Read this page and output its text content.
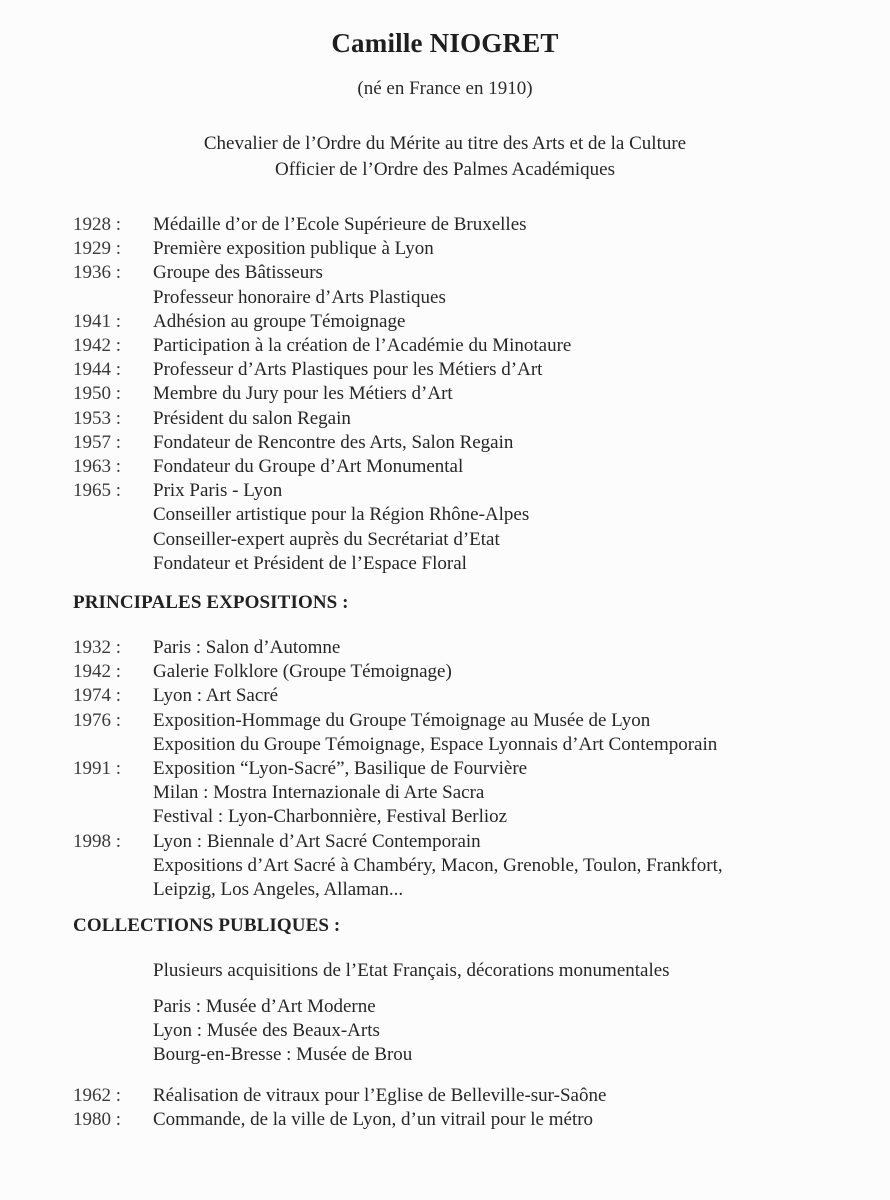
Camille NIOGRET
(né en France en 1910)
Chevalier de l’Ordre du Mérite au titre des Arts et de la Culture
Officier de l’Ordre des Palmes Académiques
1928 :	Médaille d’or de l’Ecole Supérieure de Bruxelles
1929 :	Première exposition publique à Lyon
1936 :	Groupe des Bâtisseurs
Professeur honoraire d’Arts Plastiques
1941 :	Adhésion au groupe Témoignage
1942 :	Participation à la création de l’Académie du Minotaure
1944 :	Professeur d’Arts Plastiques pour les Métiers d’Art
1950 :	Membre du Jury pour les Métiers d’Art
1953 :	Président du salon Regain
1957 :	Fondateur de Rencontre des Arts, Salon Regain
1963 :	Fondateur du Groupe d’Art Monumental
1965 :	Prix Paris - Lyon
Conseiller artistique pour la Région Rhône-Alpes
Conseiller-expert auprès du Secrétariat d’Etat
Fondateur et Président de l’Espace Floral
PRINCIPALES EXPOSITIONS :
1932 :	Paris : Salon d’Automne
1942 :	Galerie Folklore (Groupe Témoignage)
1974 :	Lyon : Art Sacré
1976 :	Exposition-Hommage du Groupe Témoignage au Musée de Lyon
Exposition du Groupe Témoignage, Espace Lyonnais d’Art Contemporain
1991 :	Exposition “Lyon-Sacré”, Basilique de Fourvière
Milan : Mostra Internazionale di Arte Sacra
Festival : Lyon-Charbonnière, Festival Berlioz
1998 :	Lyon : Biennale d’Art Sacré Contemporain
Expositions d’Art Sacré à Chambéry, Macon, Grenoble, Toulon, Frankfort,
Leipzig, Los Angeles, Allaman...
COLLECTIONS PUBLIQUES :
Plusieurs acquisitions de l’Etat Français, décorations monumentales
Paris : Musée d’Art Moderne
Lyon : Musée des Beaux-Arts
Bourg-en-Bresse : Musée de Brou
1962 :	Réalisation de vitraux pour l’Eglise de Belleville-sur-Saône
1980 :	Commande, de la ville de Lyon, d’un vitrail pour le métro
